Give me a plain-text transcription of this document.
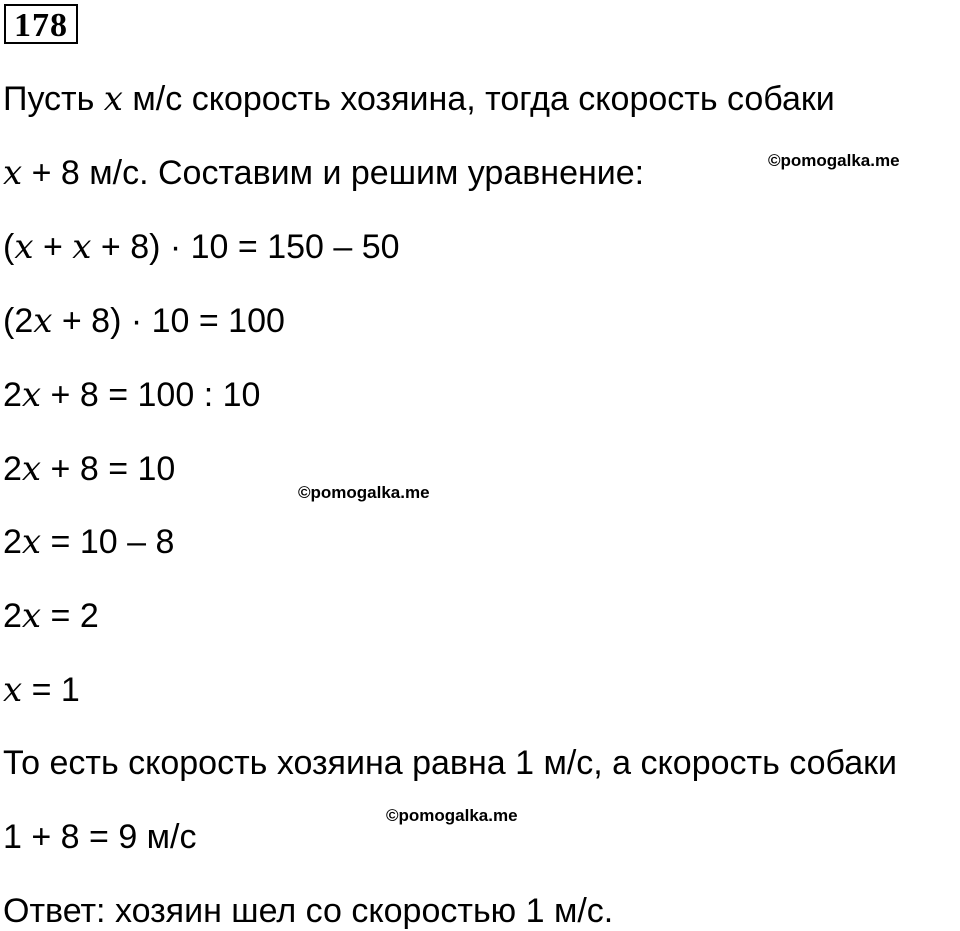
178
Пусть x м/с скорость хозяина, тогда скорость собаки
x + 8 м/с. Составим и решим уравнение:
(x + x + 8) · 10 = 150 – 50
(2x + 8) · 10 = 100
2x + 8 = 100 : 10
2x + 8 = 10
2x = 10 – 8
2x = 2
x = 1
То есть скорость хозяина равна 1 м/с, а скорость собаки
1 + 8 = 9 м/с
Ответ: хозяин шел со скоростью 1 м/с.
©pomogalka.me
©pomogalka.me
©pomogalka.me
